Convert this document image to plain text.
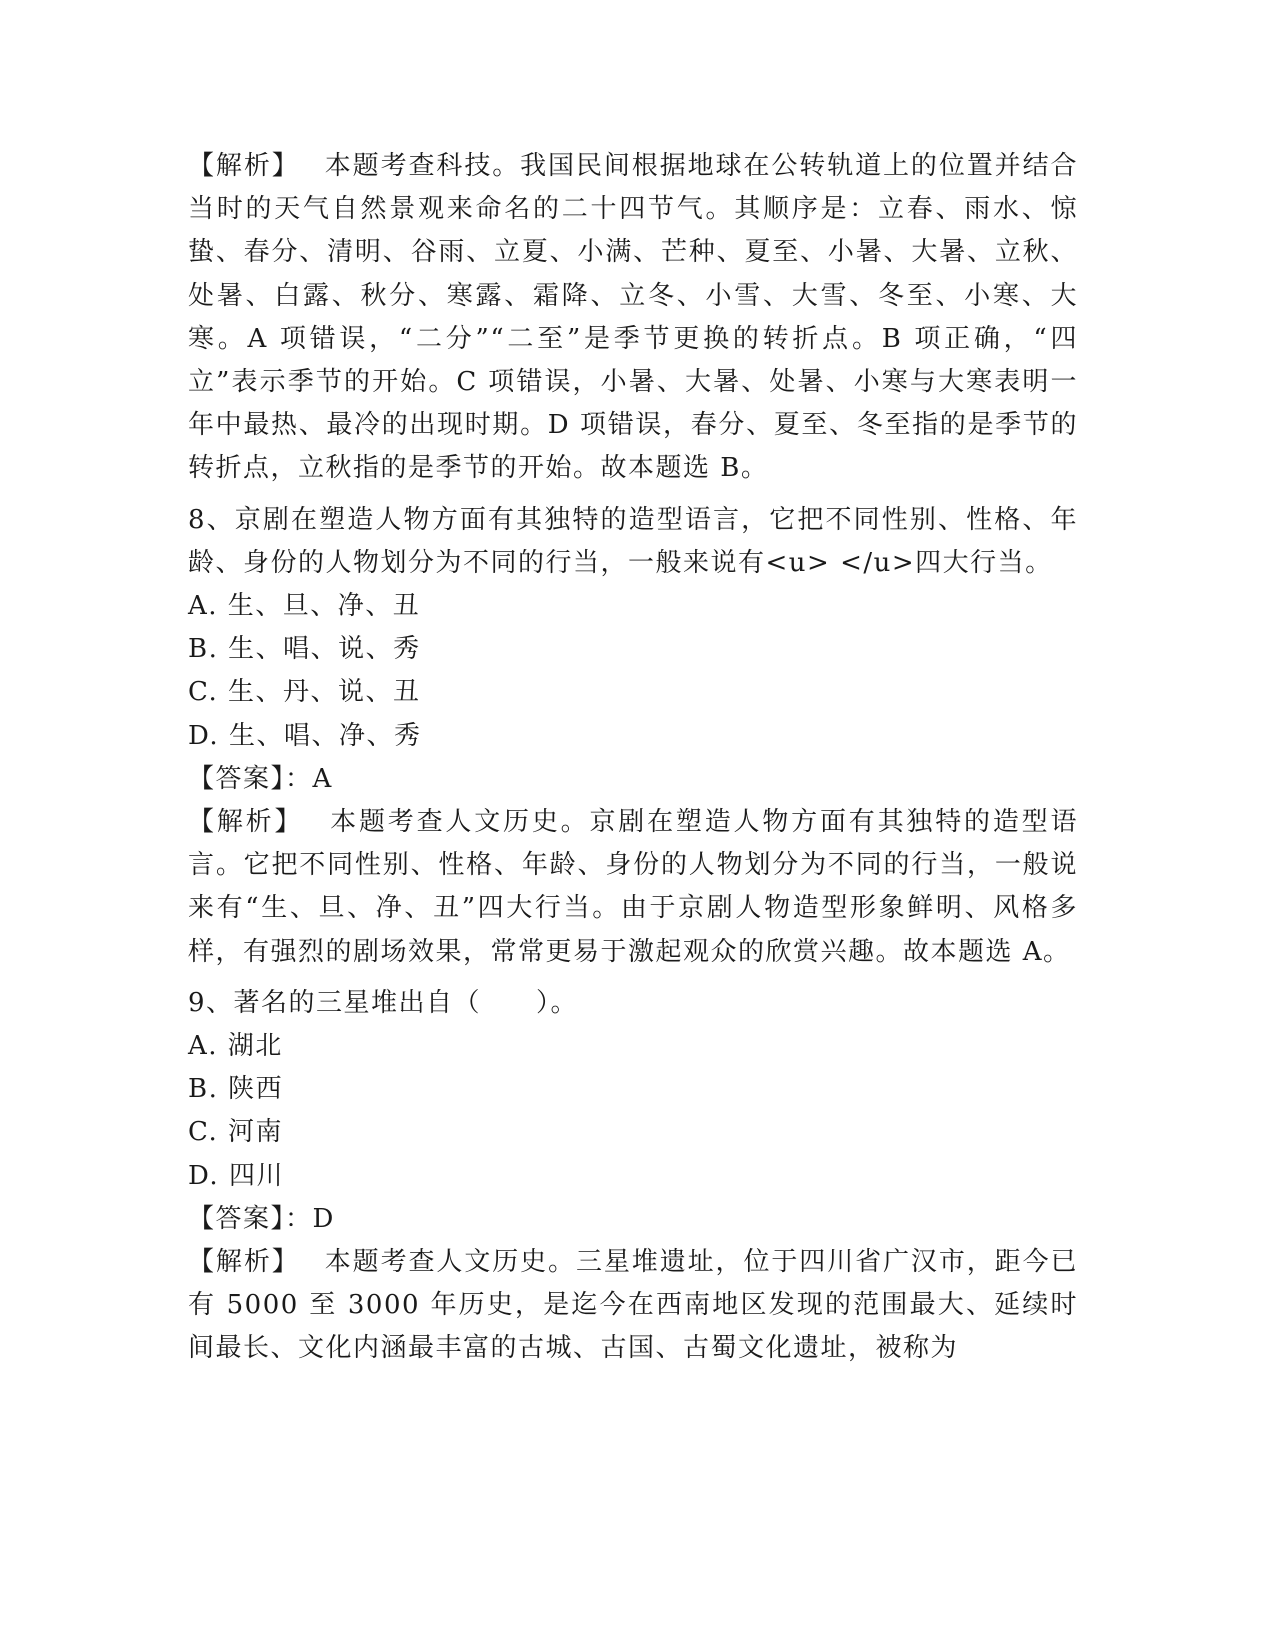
【解析】　 本题考查科技。我国民间根据地球在公转轨道上的位置并结合当时的天气自然景观来命名的二十四节气。其顺序是：立春、雨水、惊蛰、春分、清明、谷雨、立夏、小满、芒种、夏至、小暑、大暑、立秋、处暑、白露、秋分、寒露、霜降、立冬、小雪、大雪、冬至、小寒、大寒。A 项错误，“二分”“二至”是季节更换的转折点。B 项正确，“四立”表示季节的开始。C 项错误，小暑、大暑、处暑、小寒与大寒表明一年中最热、最冷的出现时期。D 项错误，春分、夏至、冬至指的是季节的转折点，立秋指的是季节的开始。故本题选 B。

8、京剧在塑造人物方面有其独特的造型语言，它把不同性别、性格、年龄、身份的人物划分为不同的行当，一般来说有<u> </u>四大行当。

A. 生、旦、净、丑

B. 生、唱、说、秀

C. 生、丹、说、丑

D. 生、唱、净、秀

【答案】：A

【解析】　 本题考查人文历史。京剧在塑造人物方面有其独特的造型语言。它把不同性别、性格、年龄、身份的人物划分为不同的行当，一般说来有“生、旦、净、丑”四大行当。由于京剧人物造型形象鲜明、风格多样，有强烈的剧场效果，常常更易于激起观众的欣赏兴趣。故本题选 A。

9、著名的三星堆出自（　　）。

A. 湖北

B. 陕西

C. 河南

D. 四川

【答案】：D

【解析】　 本题考查人文历史。三星堆遗址，位于四川省广汉市，距今已有 5000 至 3000 年历史，是迄今在西南地区发现的范围最大、延续时间最长、文化内涵最丰富的古城、古国、古蜀文化遗址，被称为
